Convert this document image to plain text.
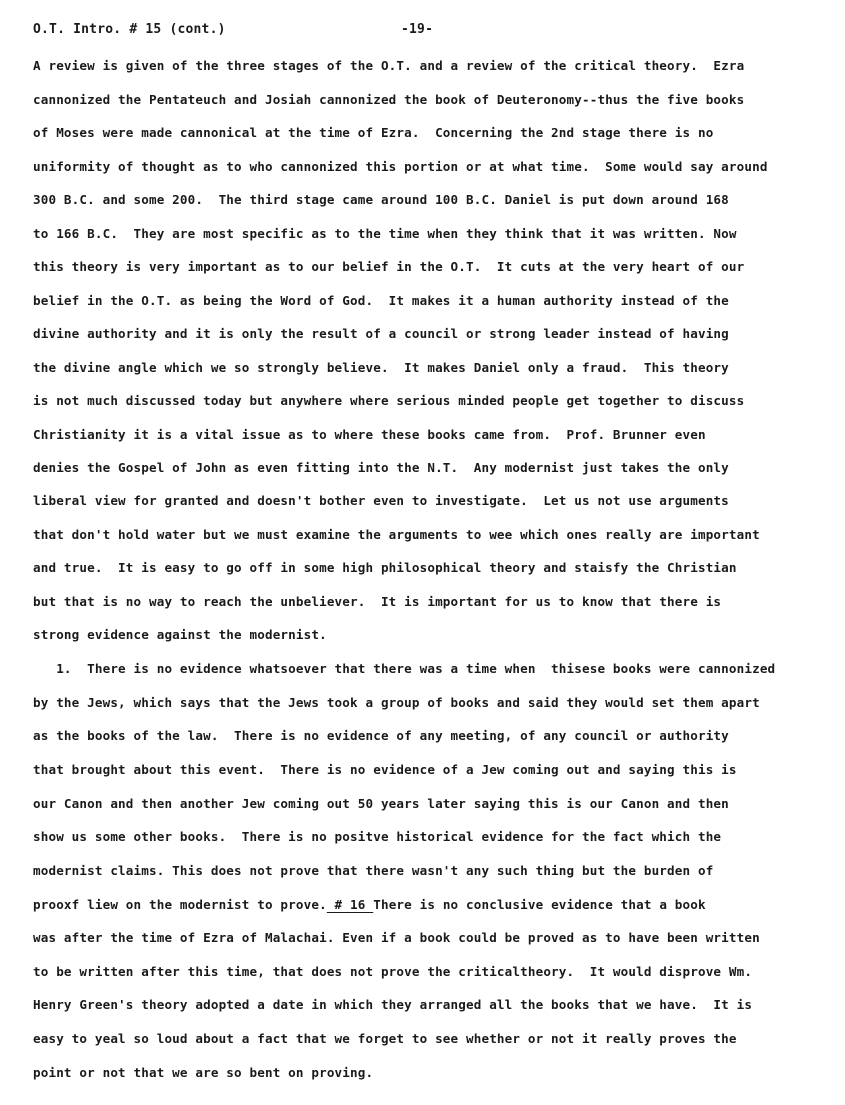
O.T. Intro. # 15 (cont.)	-19-
A review is given of the three stages of the O.T. and a review of the critical theory.  Ezra
cannonized the Pentateuch and Josiah cannonized the book of Deuteronomy--thus the five books
of Moses were made cannonical at the time of Ezra.  Concerning the 2nd stage there is no
uniformity of thought as to who cannonized this portion or at what time.  Some would say around
300 B.C. and some 200.  The third stage came around 100 B.C. Daniel is put down around 168
to 166 B.C.  They are most specific as to the time when they think that it was written. Now
this theory is very important as to our belief in the O.T.  It cuts at the very heart of our
belief in the O.T. as being the Word of God.  It makes it a human authority instead of the
divine authority and it is only the result of a council or strong leader instead of having
the divine angle which we so strongly believe.  It makes Daniel only a fraud.  This theory
is not much discussed today but anywhere where serious minded people get together to discuss
Christianity it is a vital issue as to where these books came from.  Prof. Brunner even
denies the Gospel of John as even fitting into the N.T.  Any modernist just takes the only
liberal view for granted and doesn't bother even to investigate.  Let us not use arguments
that don't hold water but we must examine the arguments to wee which ones really are important
and true.  It is easy to go off in some high philosophical theory and staisfy the Christian
but that is no way to reach the unbeliever.  It is important for us to know that there is
strong evidence against the modernist.
1.  There is no evidence whatsoever that there was a time when  thisese books were cannonized
by the Jews, which says that the Jews took a group of books and said they would set them apart
as the books of the law.  There is no evidence of any meeting, of any council or authority
that brought about this event.  There is no evidence of a Jew coming out and saying this is
our Canon and then another Jew coming out 50 years later saying this is our Canon and then
show us some other books.  There is no positve historical evidence for the fact which the
modernist claims. This does not prove that there wasn't any such thing but the burden of
prooxf liew on the modernist to prove. # 16 There is no conclusive evidence that a book
was after the time of Ezra of Malachai. Even if a book could be proved as to have been written
to be written after this time, that does not prove the criticaltheory.  It would disprove Wm.
Henry Green's theory adopted a date in which they arranged all the books that we have.  It is
easy to yeal so loud about a fact that we forget to see whether or not it really proves the
point or not that we are so bent on proving.
